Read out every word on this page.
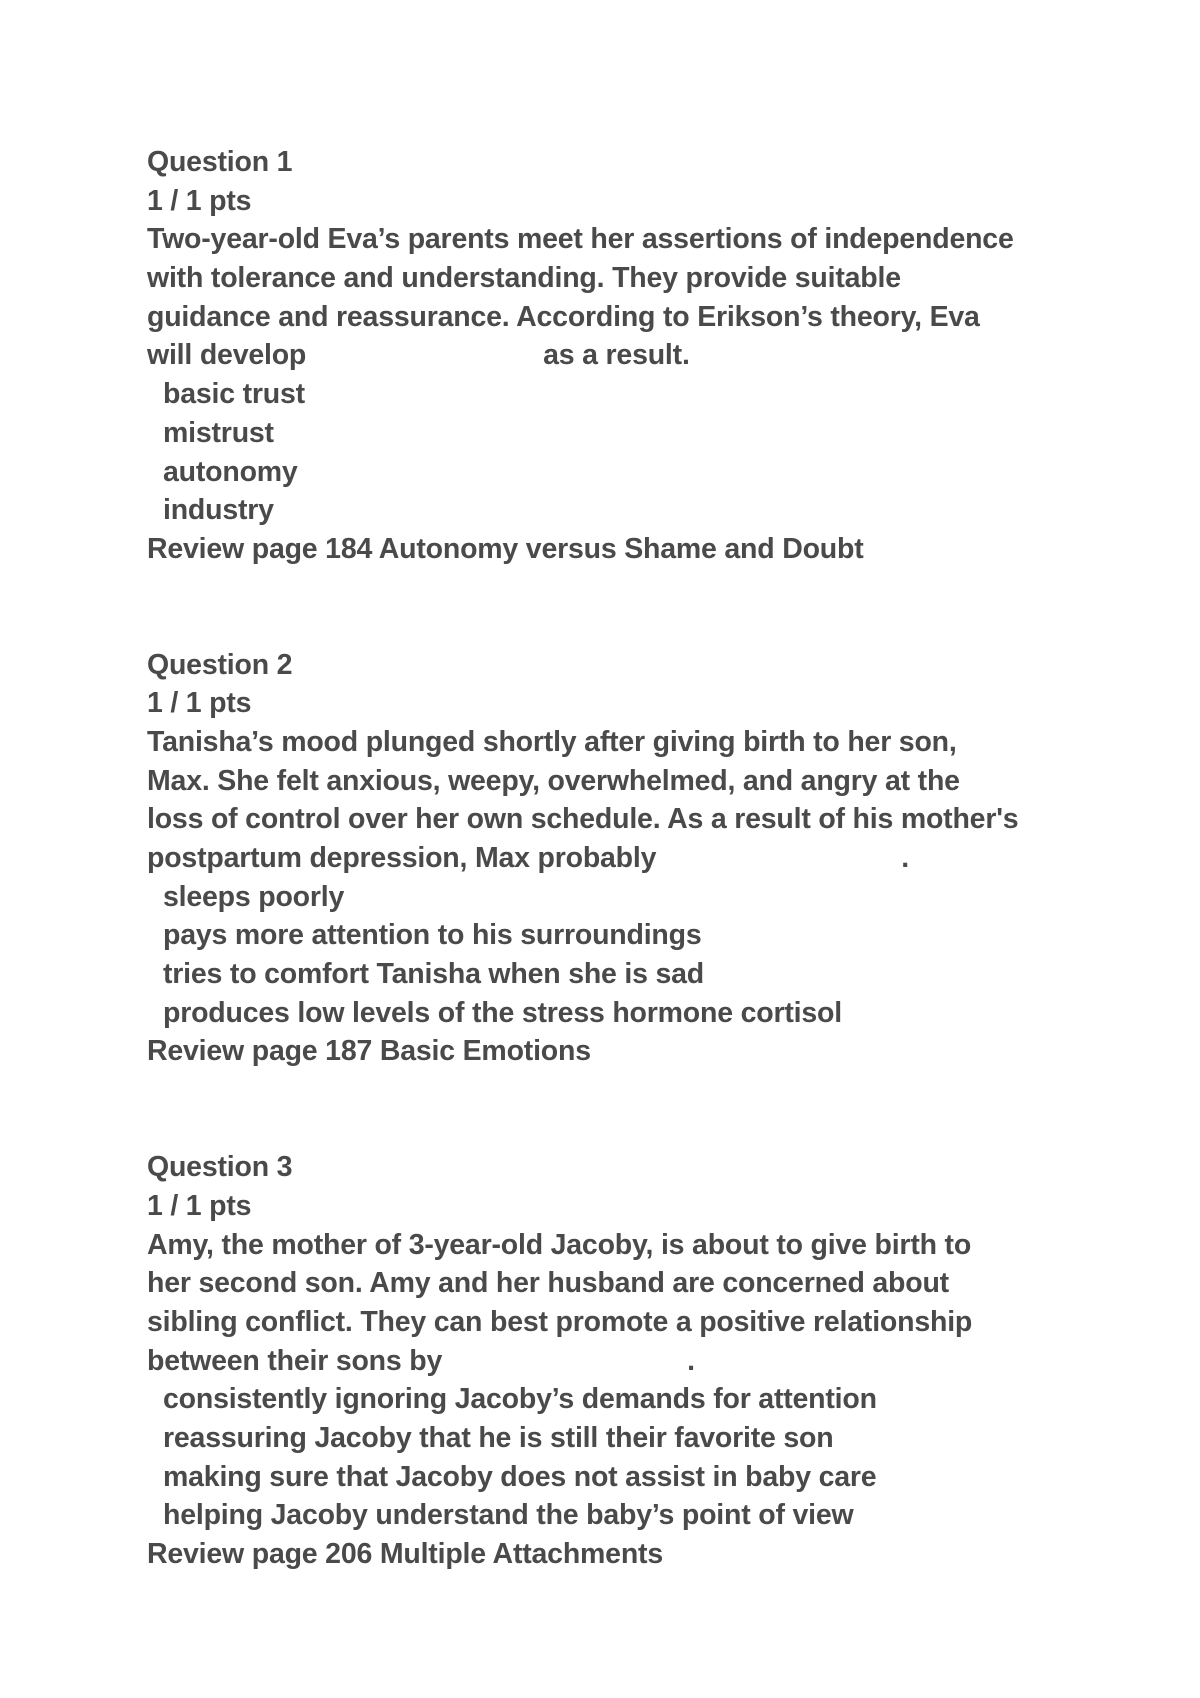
Question 1
1 / 1 pts
Two-year-old Eva’s parents meet her assertions of independence
with tolerance and understanding. They provide suitable
guidance and reassurance. According to Erikson’s theory, Eva
will develop	as a result.
basic trust
mistrust
autonomy
industry
Review page 184 Autonomy versus Shame and Doubt
Question 2
1 / 1 pts
Tanisha’s mood plunged shortly after giving birth to her son,
Max. She felt anxious, weepy, overwhelmed, and angry at the
loss of control over her own schedule. As a result of his mother's
postpartum depression, Max probably	.
sleeps poorly
pays more attention to his surroundings
tries to comfort Tanisha when she is sad
produces low levels of the stress hormone cortisol
Review page 187 Basic Emotions
Question 3
1 / 1 pts
Amy, the mother of 3-year-old Jacoby, is about to give birth to
her second son. Amy and her husband are concerned about
sibling conflict. They can best promote a positive relationship
between their sons by	.
consistently ignoring Jacoby’s demands for attention
reassuring Jacoby that he is still their favorite son
making sure that Jacoby does not assist in baby care
helping Jacoby understand the baby’s point of view
Review page 206 Multiple Attachments
